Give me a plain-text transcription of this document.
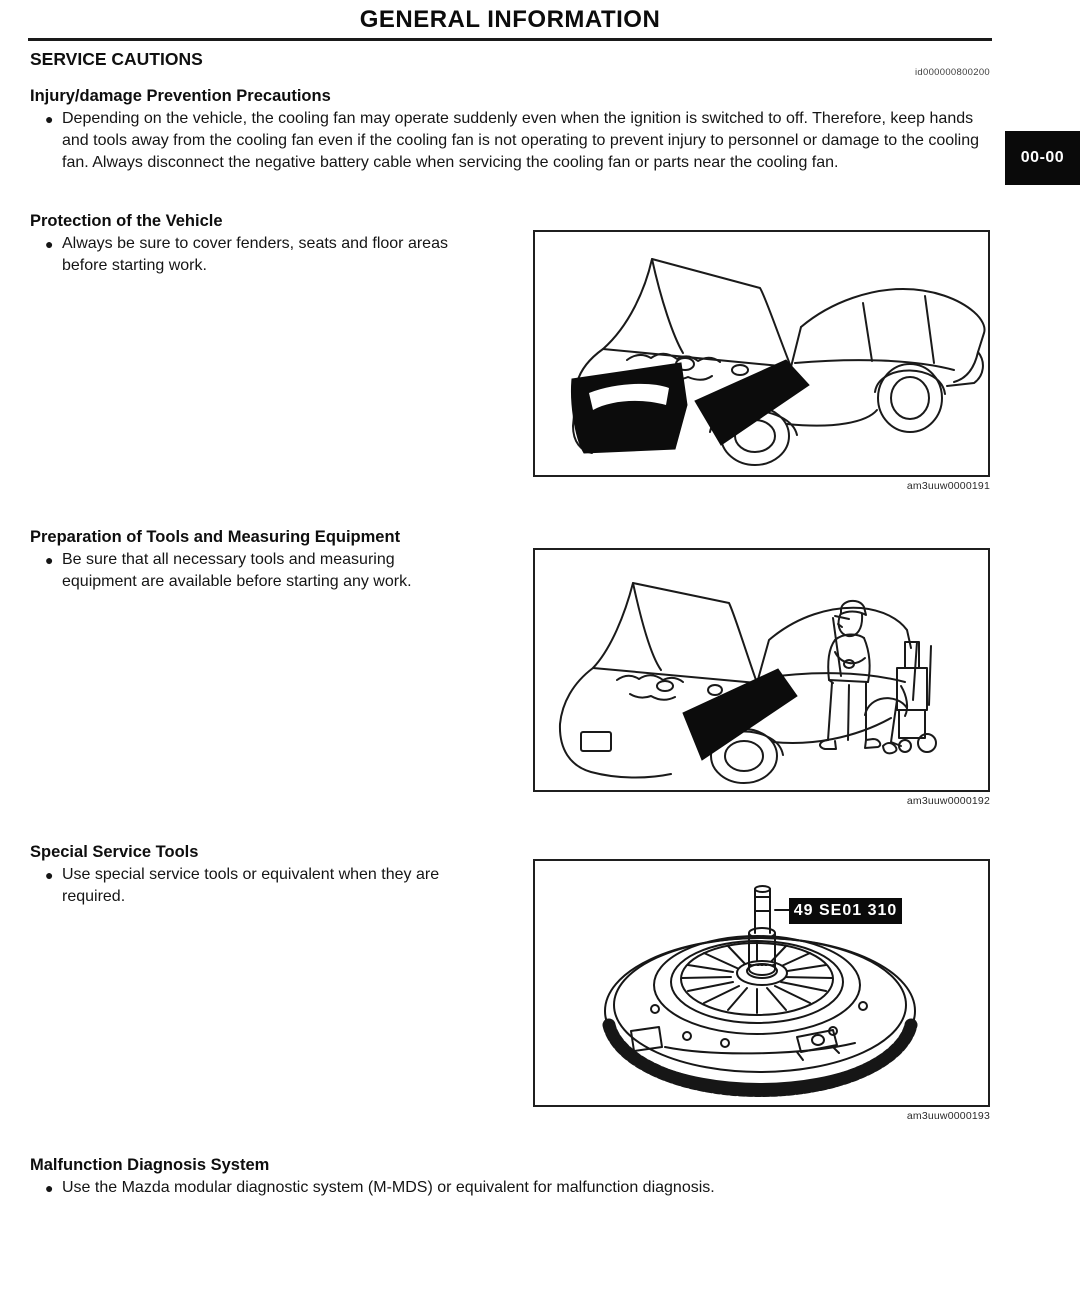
GENERAL INFORMATION
SERVICE CAUTIONS
id000000800200
00-00
Injury/damage Prevention Precautions
● Depending on the vehicle, the cooling fan may operate suddenly even when the ignition is switched to off. Therefore, keep hands and tools away from the cooling fan even if the cooling fan is not operating to prevent injury to personnel or damage to the cooling fan. Always disconnect the negative battery cable when servicing the cooling fan or parts near the cooling fan.
Protection of the Vehicle
● Always be sure to cover fenders, seats and floor areas before starting work.
am3uuw0000191
Preparation of Tools and Measuring Equipment
● Be sure that all necessary tools and measuring equipment are available before starting any work.
am3uuw0000192
Special Service Tools
● Use special service tools or equivalent when they are required.
49 SE01 310
am3uuw0000193
Malfunction Diagnosis System
● Use the Mazda modular diagnostic system (M-MDS) or equivalent for malfunction diagnosis.
